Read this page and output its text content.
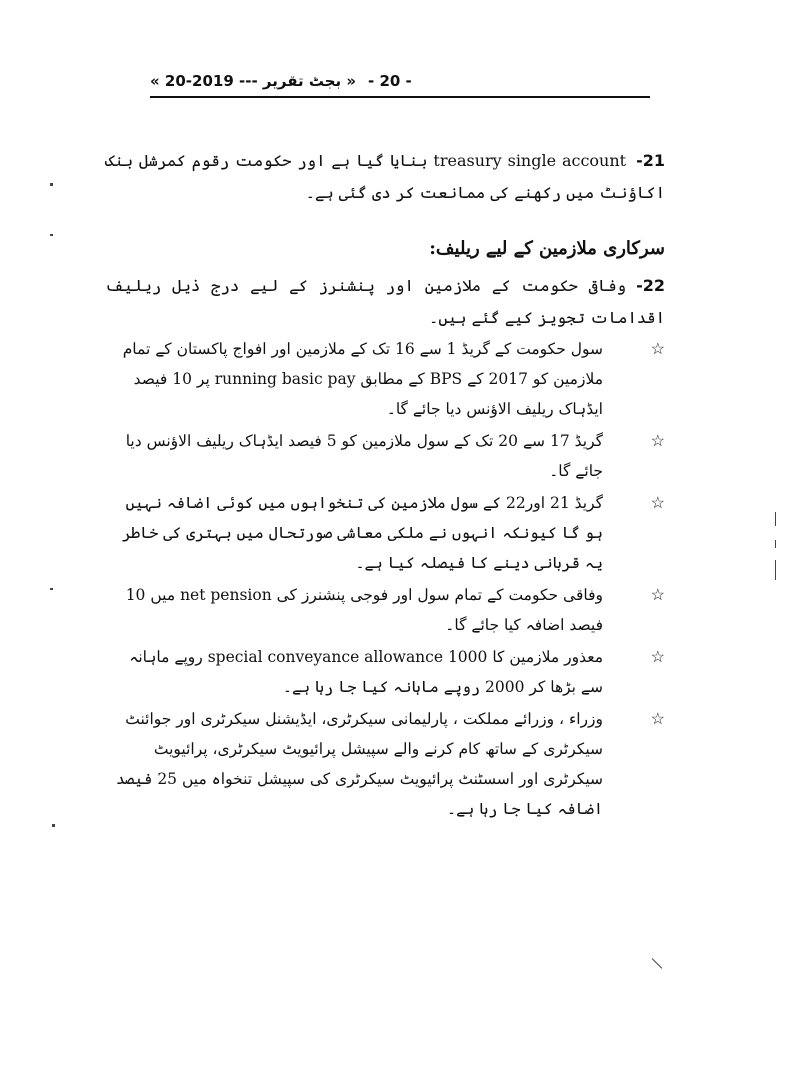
« بجٹ تقریر --- 2019-20 » - 20 -
21-treasury single account بنایا گیا ہے اور حکومت رقوم کمرشل بنک اکاؤنٹ میں رکھنے کی ممانعت کر دی گئی ہے۔
سرکاری ملازمین کے لیے ریلیف:
22-وفاقی حکومت کے ملازمین اور پنشنرز کے لیے درج ذیل ریلیف اقدامات تجویز کیے گئے ہیں۔
☆
سول حکومت کے گریڈ 1 سے 16 تک کے ملازمین اور افواج پاکستان کے تمام ملازمین کو 2017 کے BPS کے مطابق running basic pay پر 10 فیصد ایڈہاک ریلیف الاؤنس دیا جائے گا۔
☆
گریڈ 17 سے 20 تک کے سول ملازمین کو 5 فیصد ایڈہاک ریلیف الاؤنس دیا جائے گا۔
☆
گریڈ 21 اور22 کے سول ملازمین کی تنخواہوں میں کوئی اضافہ نہیں ہو گا کیونکہ انہوں نے ملکی معاشی صورتحال میں بہتری کی خاطر یہ قربانی دینے کا فیصلہ کیا ہے۔
☆
وفاقی حکومت کے تمام سول اور فوجی پنشنرز کی net pension میں 10 فیصد اضافہ کیا جائے گا۔
☆
معذور ملازمین کا special conveyance allowance 1000 روپے ماہانہ سے بڑھا کر 2000 روپے ماہانہ کیا جا رہا ہے۔
☆
وزراء ، وزرائے مملکت ، پارلیمانی سیکرٹری، ایڈیشنل سیکرٹری اور جوائنٹ سیکرٹری کے ساتھ کام کرنے والے سپیشل پرائیویٹ سیکرٹری، پرائیویٹ سیکرٹری اور اسسٹنٹ پرائیویٹ سیکرٹری کی سپیشل تنخواہ میں 25 فیصد اضافہ کیا جا رہا ہے۔
